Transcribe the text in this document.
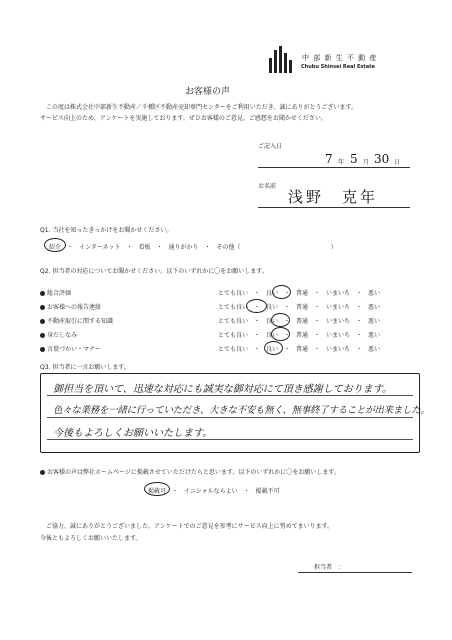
中 部 新 生 不 動 産
Chubu Shinsei Real Estate
お客様の声
この度は株式会社中部新生不動産／千種区不動産売却専門センターをご利用いただき、誠にありがとうございます。
サービス向上のため、アンケートを実施しております。ぜひお客様のご意見、ご感想をお聞かせください。
ご記入日
7 年 5 月 30 日
お名前
浅野　克年
Q1. 当社を知ったきっかけをお聞かせください。
紹介　・　インターネット　・　看板　・　通りがかり　・　その他（　　　　　　　　　　　　　　　）
Q2. 担当者の対応についてお聞かせください。以下のいずれかに〇をお願いします。
総合評価	とても良い　・　良い　・　普通　・　いまいち　・　悪い
お客様への報告連絡	とても良い　・　良い　・　普通　・　いまいち　・　悪い
不動産取引に関する知識	とても良い　・　良い　・　普通　・　いまいち　・　悪い
身だしなみ	とても良い　・　良い　・　普通　・　いまいち　・　悪い
言葉づかい・マナー	とても良い　・　良い　・　普通　・　いまいち　・　悪い
Q3. 担当者に一言お願いします。
御担当を頂いて、迅速な対応にも誠実な御対応にて頂き感謝しております。
色々な業務を一緒に行っていただき、大きな不安も無く、無事終了することが出来ました。
今後もよろしくお願いいたします。
お客様の声は弊社ホームページに掲載させていただけたらと思います。以下のいずれかに〇をお願いします。
掲載可　・　イニシャルならよい　・　掲載不可
ご協力、誠にありがとうございました。アンケートでのご意見を参考にサービス向上に努めてまいります。
今後ともよろしくお願いいたします。
担当者　：
